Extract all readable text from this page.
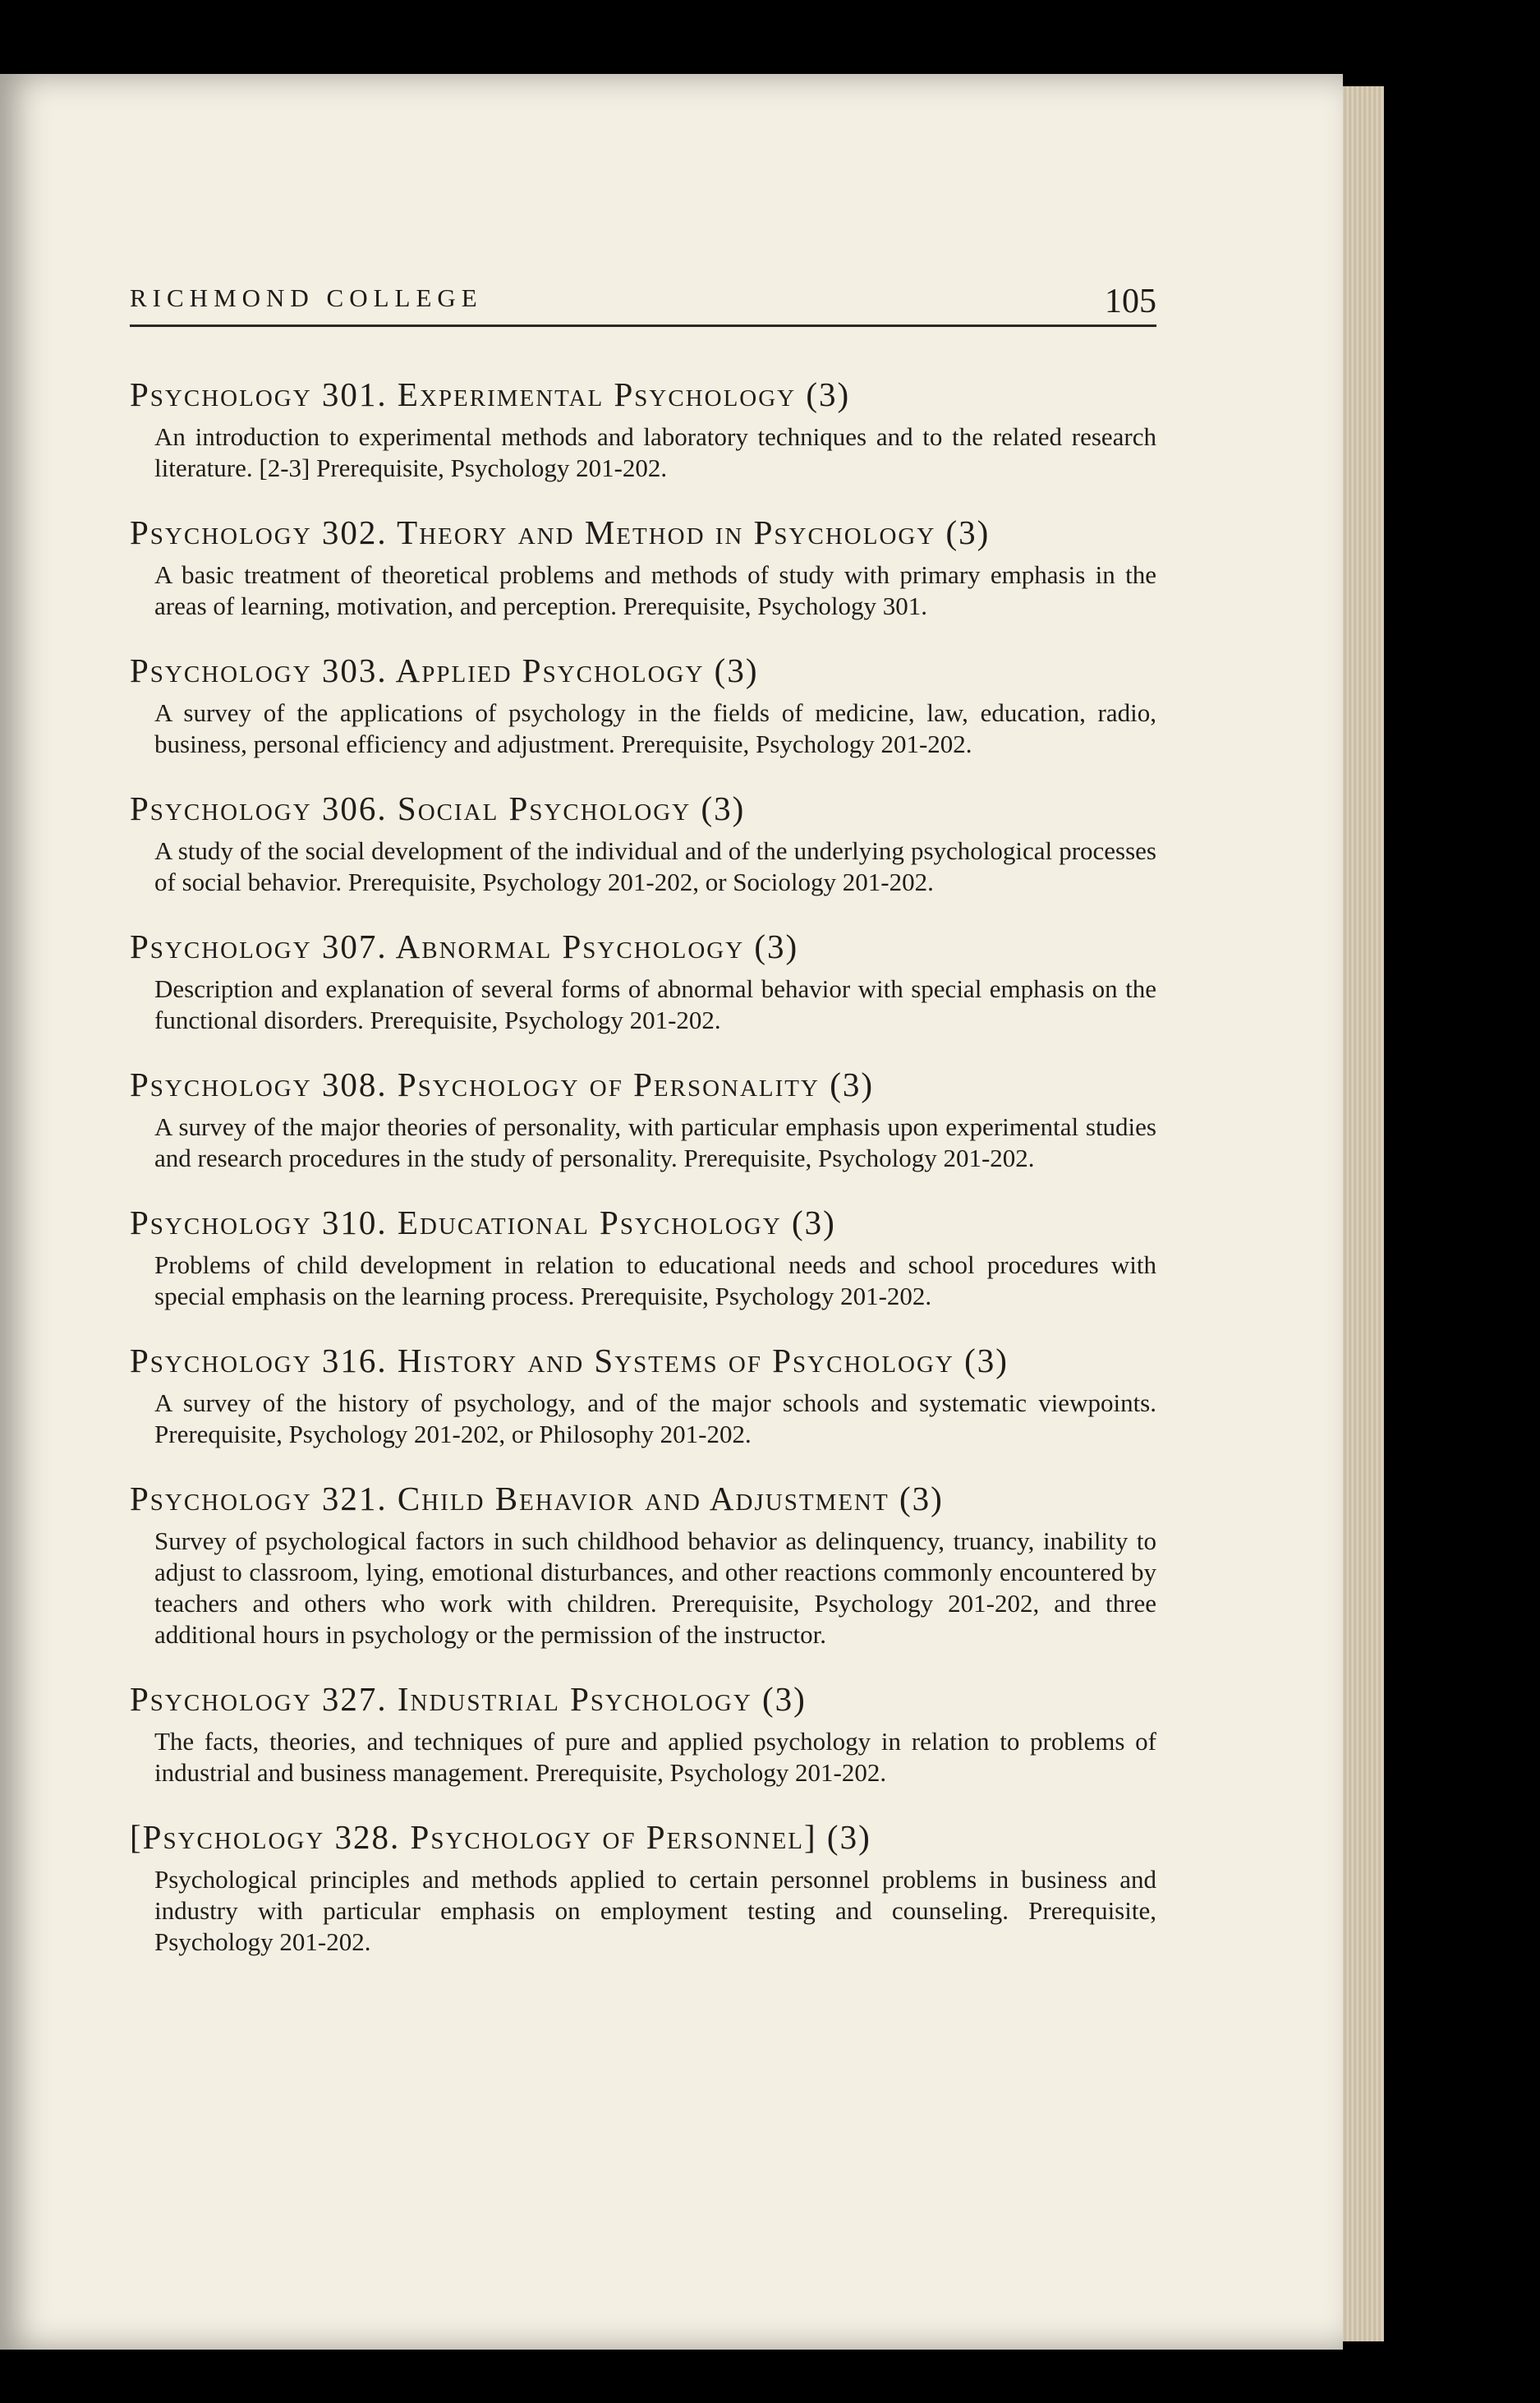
RICHMOND COLLEGE	105
Psychology 301. Experimental Psychology (3)
An introduction to experimental methods and laboratory techniques and to the related research literature. [2-3] Prerequisite, Psychology 201-202.
Psychology 302. Theory and Method in Psychology (3)
A basic treatment of theoretical problems and methods of study with primary emphasis in the areas of learning, motivation, and perception. Prerequisite, Psychology 301.
Psychology 303. Applied Psychology (3)
A survey of the applications of psychology in the fields of medicine, law, education, radio, business, personal efficiency and adjustment. Prerequisite, Psychology 201-202.
Psychology 306. Social Psychology (3)
A study of the social development of the individual and of the underlying psychological processes of social behavior. Prerequisite, Psychology 201-202, or Sociology 201-202.
Psychology 307. Abnormal Psychology (3)
Description and explanation of several forms of abnormal behavior with special emphasis on the functional disorders. Prerequisite, Psychology 201-202.
Psychology 308. Psychology of Personality (3)
A survey of the major theories of personality, with particular emphasis upon experimental studies and research procedures in the study of personality. Prerequisite, Psychology 201-202.
Psychology 310. Educational Psychology (3)
Problems of child development in relation to educational needs and school procedures with special emphasis on the learning process. Prerequisite, Psychology 201-202.
Psychology 316. History and Systems of Psychology (3)
A survey of the history of psychology, and of the major schools and systematic viewpoints. Prerequisite, Psychology 201-202, or Philosophy 201-202.
Psychology 321. Child Behavior and Adjustment (3)
Survey of psychological factors in such childhood behavior as delinquency, truancy, inability to adjust to classroom, lying, emotional disturbances, and other reactions commonly encountered by teachers and others who work with children. Prerequisite, Psychology 201-202, and three additional hours in psychology or the permission of the instructor.
Psychology 327. Industrial Psychology (3)
The facts, theories, and techniques of pure and applied psychology in relation to problems of industrial and business management. Prerequisite, Psychology 201-202.
[Psychology 328. Psychology of Personnel] (3)
Psychological principles and methods applied to certain personnel problems in business and industry with particular emphasis on employment testing and counseling. Prerequisite, Psychology 201-202.
